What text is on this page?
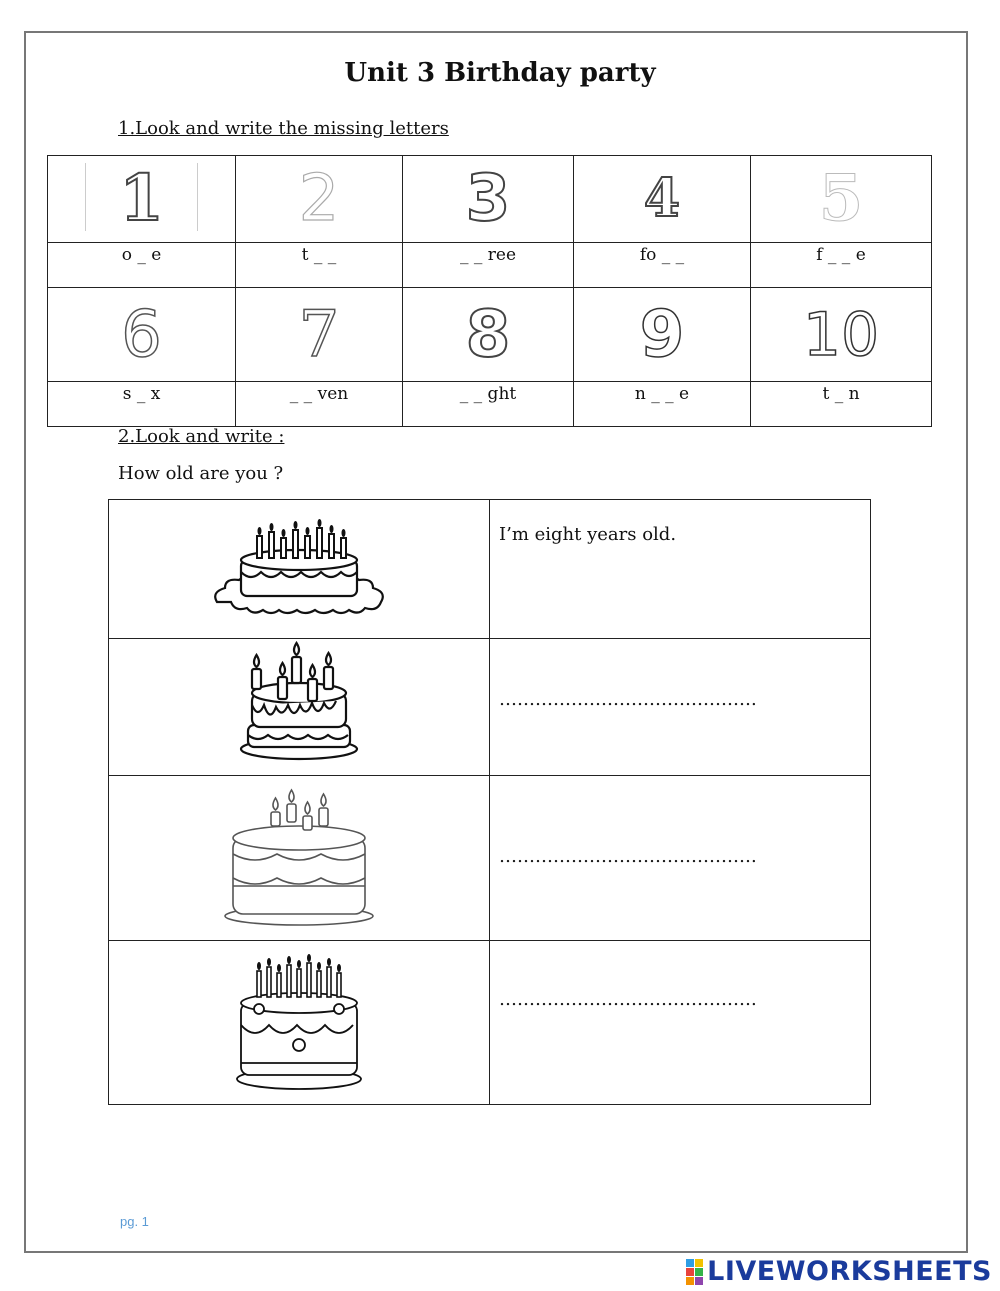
Unit 3 Birthday party
1.Look and write the missing letters
1	2	3	4	5
o _ e	t _ _	_ _ ree	fo _ _	f _ _ e
6	7	8	9	10
s _ x	_ _ ven	_ _ ght	n _ _ e	t _ n
2.Look and write :
How old are you ?

I’m eight years old.

…………………………………….

…………………………………….

…………………………………….
pg. 1
LIVEWORKSHEETS
